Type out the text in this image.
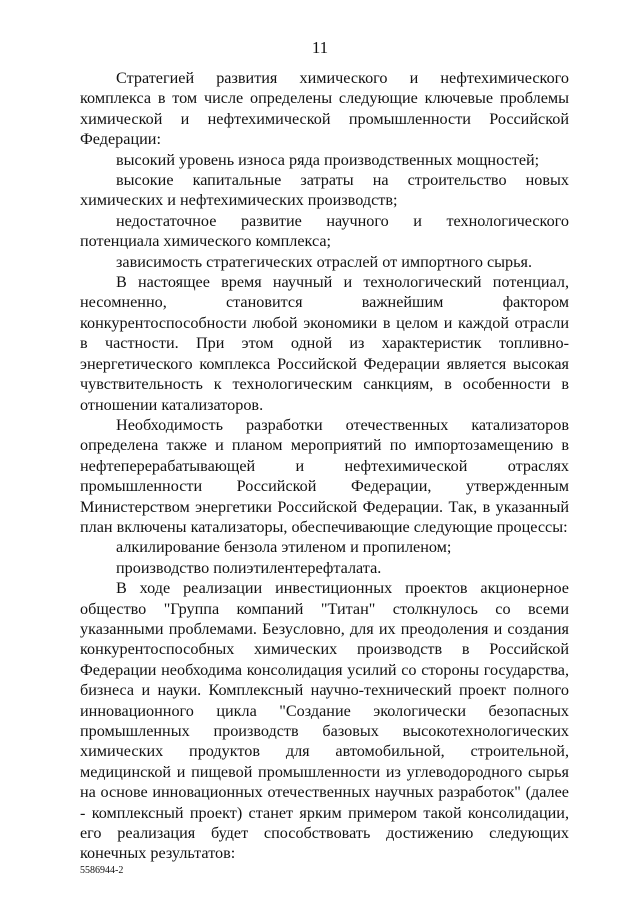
11

Стратегией развития химического и нефтехимического комплекса в том числе определены следующие ключевые проблемы химической и нефтехимической промышленности Российской Федерации:

высокий уровень износа ряда производственных мощностей;

высокие капитальные затраты на строительство новых химических и нефтехимических производств;

недостаточное развитие научного и технологического потенциала химического комплекса;

зависимость стратегических отраслей от импортного сырья.

В настоящее время научный и технологический потенциал, несомненно, становится важнейшим фактором конкурентоспособности любой экономики в целом и каждой отрасли в частности. При этом одной из характеристик топливно-энергетического комплекса Российской Федерации является высокая чувствительность к технологическим санкциям, в особенности в отношении катализаторов.

Необходимость разработки отечественных катализаторов определена также и планом мероприятий по импортозамещению в нефтеперерабатывающей и нефтехимической отраслях промышленности Российской Федерации, утвержденным Министерством энергетики Российской Федерации. Так, в указанный план включены катализаторы, обеспечивающие следующие процессы:

алкилирование бензола этиленом и пропиленом;

производство полиэтилентерефталата.

В ходе реализации инвестиционных проектов акционерное общество "Группа компаний "Титан" столкнулось со всеми указанными проблемами. Безусловно, для их преодоления и создания конкурентоспособных химических производств в Российской Федерации необходима консолидация усилий со стороны государства, бизнеса и науки. Комплексный научно-технический проект полного инновационного цикла "Создание экологически безопасных промышленных производств базовых высокотехнологических химических продуктов для автомобильной, строительной, медицинской и пищевой промышленности из углеводородного сырья на основе инновационных отечественных научных разработок" (далее - комплексный проект) станет ярким примером такой консолидации, его реализация будет способствовать достижению следующих конечных результатов:

5586944-2
